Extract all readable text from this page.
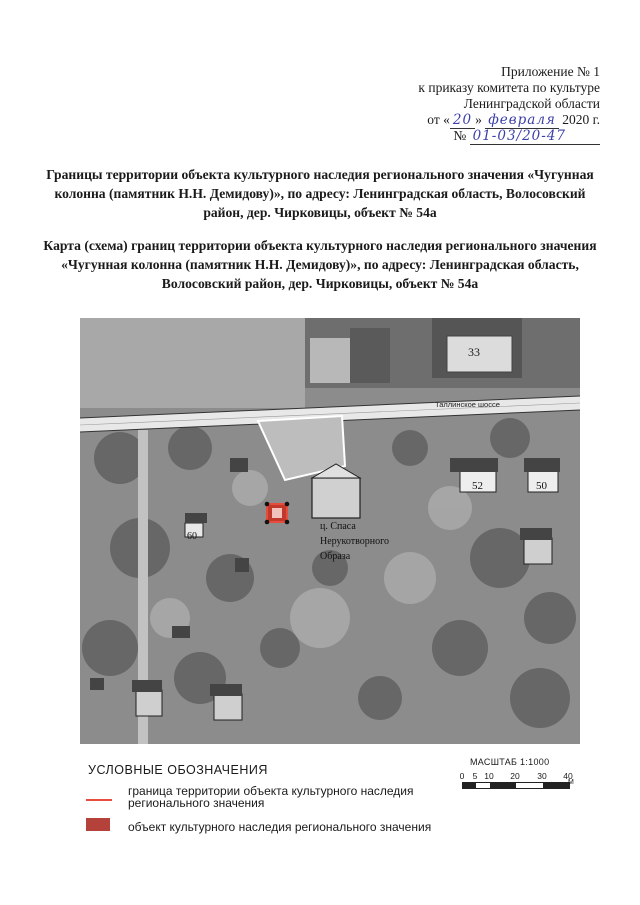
Приложение № 1
к приказу комитета по культуре
Ленинградской области
от « 20 » февраля 2020 г.
№ 01-03/20-47
Границы территории объекта культурного наследия регионального значения «Чугунная колонна (памятник Н.Н. Демидову)», по адресу: Ленинградская область, Волосовский район, дер. Чирковицы, объект № 54а
Карта (схема) границ территории объекта культурного наследия регионального значения «Чугунная колонна (памятник Н.Н. Демидову)», по адресу: Ленинградская область, Волосовский район, дер. Чирковицы, объект № 54а
Таллинское шоссе
33
52	50
60
ц. Спаса
Нерукотворного
Образа
УСЛОВНЫЕ ОБОЗНАЧЕНИЯ
граница территории объекта культурного наследия регионального значения
объект культурного наследия регионального значения
МАСШТАБ 1:1000
0 5 10 20 30 40
М
